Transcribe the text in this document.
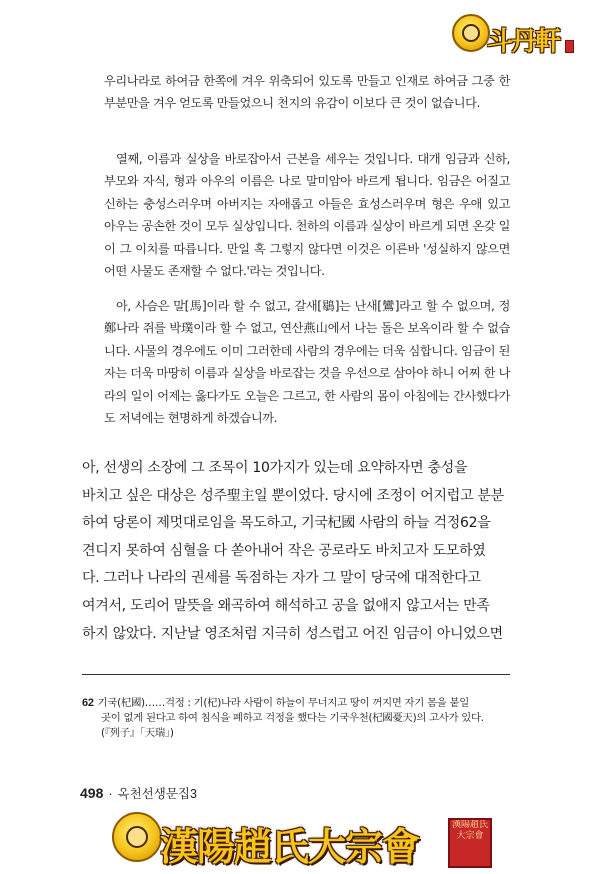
斗丹軒

우리나라로 하여금 한쪽에 겨우 위축되어 있도록 만들고 인재로 하여금 그중 한 부분만을 겨우 얻도록 만들었으니 천지의 유감이 이보다 큰 것이 없습니다.

열째, 이름과 실상을 바로잡아서 근본을 세우는 것입니다. 대개 임금과 신하, 부모와 자식, 형과 아우의 이름은 나로 말미암아 바르게 됩니다. 임금은 어질고 신하는 충성스러우며 아버지는 자애롭고 아들은 효성스러우며 형은 우애 있고 아우는 공손한 것이 모두 실상입니다. 천하의 이름과 실상이 바르게 되면 온갖 일이 그 이치를 따릅니다. 만일 혹 그렇지 않다면 이것은 이른바 '성실하지 않으면 어떤 사물도 존재할 수 없다.'라는 것입니다.

아, 사슴은 말[馬]이라 할 수 없고, 갈새[鶡]는 난새[鸞]라고 할 수 없으며, 정鄭나라 쥐를 박璞이라 할 수 없고, 연산燕山에서 나는 돌은 보옥이라 할 수 없습니다. 사물의 경우에도 이미 그러한데 사람의 경우에는 더욱 심합니다. 임금이 된 자는 더욱 마땅히 이름과 실상을 바로잡는 것을 우선으로 삼아야 하니 어찌 한 나라의 일이 어제는 옳다가도 오늘은 그르고, 한 사람의 몸이 아침에는 간사했다가도 저녁에는 현명하게 하겠습니까.

아, 선생의 소장에 그 조목이 10가지가 있는데 요약하자면 충성을
바치고 싶은 대상은 성주聖主일 뿐이었다. 당시에 조정이 어지럽고 분분
하여 당론이 제멋대로임을 목도하고, 기국杞國 사람의 하늘 걱정62을
견디지 못하여 심혈을 다 쏟아내어 작은 공로라도 바치고자 도모하였
다. 그러나 나라의 권세를 독점하는 자가 그 말이 당국에 대적한다고
여겨서, 도리어 말뜻을 왜곡하여 해석하고 공을 없애지 않고서는 만족
하지 않았다. 지난날 영조처럼 지극히 성스럽고 어진 임금이 아니었으면
62 기국(杞國)……걱정 : 기(杞)나라 사람이 하늘이 무너지고 땅이 꺼지면 자기 몸을 붙일
곳이 없게 된다고 하여 침식을 폐하고 걱정을 했다는 기국우천(杞國憂天)의 고사가 있다.
(『列子』「天瑞」)
498 · 옥천선생문집3
漢陽趙氏大宗會	漢陽趙氏大宗會
